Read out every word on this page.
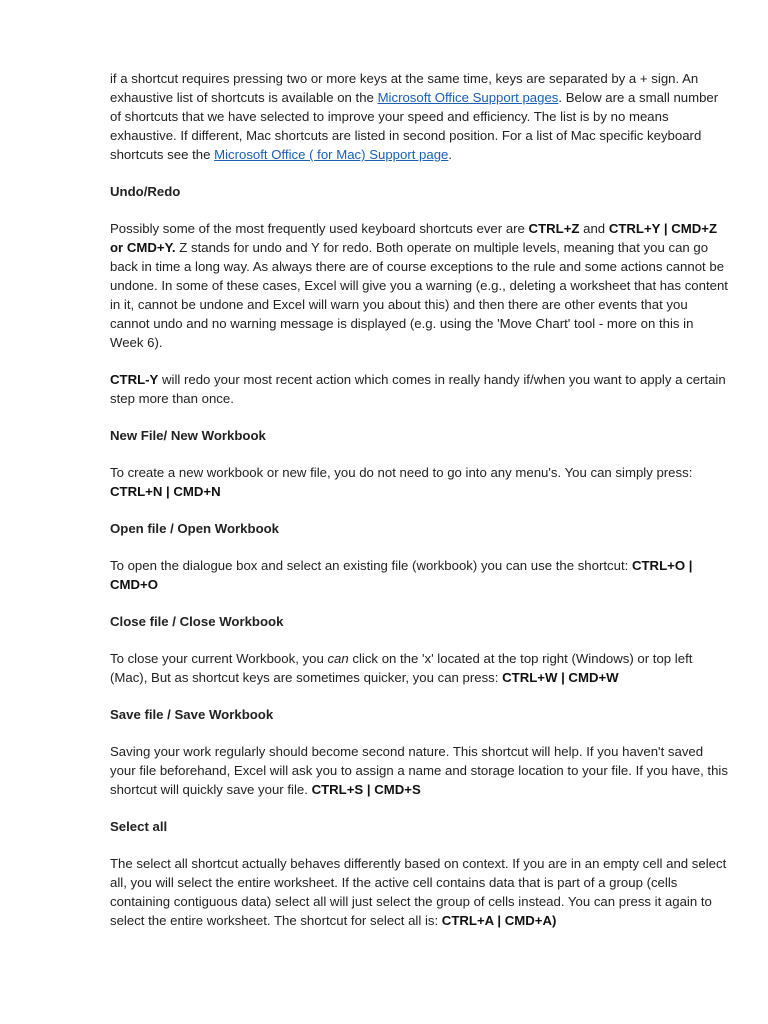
if a shortcut requires pressing two or more keys at the same time, keys are separated by a + sign. An exhaustive list of shortcuts is available on the Microsoft Office Support pages. Below are a small number of shortcuts that we have selected to improve your speed and efficiency. The list is by no means exhaustive. If different, Mac shortcuts are listed in second position. For a list of Mac specific keyboard shortcuts see the Microsoft Office ( for Mac) Support page.

Undo/Redo

Possibly some of the most frequently used keyboard shortcuts ever are CTRL+Z and CTRL+Y | CMD+Z or CMD+Y. Z stands for undo and Y for redo. Both operate on multiple levels, meaning that you can go back in time a long way. As always there are of course exceptions to the rule and some actions cannot be undone. In some of these cases, Excel will give you a warning (e.g., deleting a worksheet that has content in it, cannot be undone and Excel will warn you about this) and then there are other events that you cannot undo and no warning message is displayed (e.g. using the 'Move Chart' tool - more on this in Week 6).

CTRL-Y will redo your most recent action which comes in really handy if/when you want to apply a certain step more than once.

New File/ New Workbook

To create a new workbook or new file, you do not need to go into any menu's. You can simply press: CTRL+N | CMD+N

Open file / Open Workbook

To open the dialogue box and select an existing file (workbook) you can use the shortcut: CTRL+O | CMD+O

Close file / Close Workbook

To close your current Workbook, you can click on the 'x' located at the top right (Windows) or top left (Mac), But as shortcut keys are sometimes quicker, you can press: CTRL+W | CMD+W

Save file / Save Workbook

Saving your work regularly should become second nature. This shortcut will help. If you haven't saved your file beforehand, Excel will ask you to assign a name and storage location to your file. If you have, this shortcut will quickly save your file. CTRL+S | CMD+S

Select all

The select all shortcut actually behaves differently based on context. If you are in an empty cell and select all, you will select the entire worksheet. If the active cell contains data that is part of a group (cells containing contiguous data) select all will just select the group of cells instead. You can press it again to select the entire worksheet. The shortcut for select all is: CTRL+A | CMD+A)
